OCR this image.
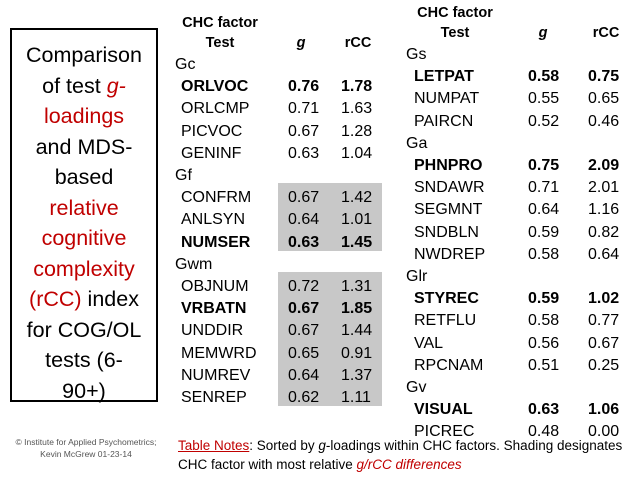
Comparison
of test g-
loadings
and MDS-
based
relative
cognitive
complexity
(rCC) index
for COG/OL
tests (6-
90+)
© Institute for Applied Psychometrics;
Kevin McGrew 01-23-14
CHC factor
Test	g	rCC
Gc
ORLVOC 0.76 1.78
ORLCMP 0.71 1.63
PICVOC	0.67 1.28
GENINF	0.63 1.04
Gf
CONFRM 0.67 1.42
ANLSYN	0.64 1.01
NUMSER 0.63 1.45
Gwm
OBJNUM 0.72 1.31
VRBATN	0.67 1.85
UNDDIR	0.67 1.44
MEMWRD 0.65 0.91
NUMREV 0.64 1.37
SENREP	0.62 1.11
CHC factor
Test	g	rCC
Gs
LETPAT	0.58 0.75
NUMPAT	0.55 0.65
PAIRCN	0.52 0.46
Ga
PHNPRO	0.75 2.09
SNDAWR	0.71 2.01
SEGMNT	0.64 1.16
SNDBLN	0.59 0.82
NWDREP	0.58 0.64
Glr
STYREC	0.59 1.02
RETFLU	0.58 0.77
VAL	0.56 0.67
RPCNAM	0.51 0.25
Gv
VISUAL	0.63 1.06
PICREC	0.48 0.00
Table Notes: Sorted by g-loadings within CHC factors. Shading designates CHC factor with most relative g/rCC differences
